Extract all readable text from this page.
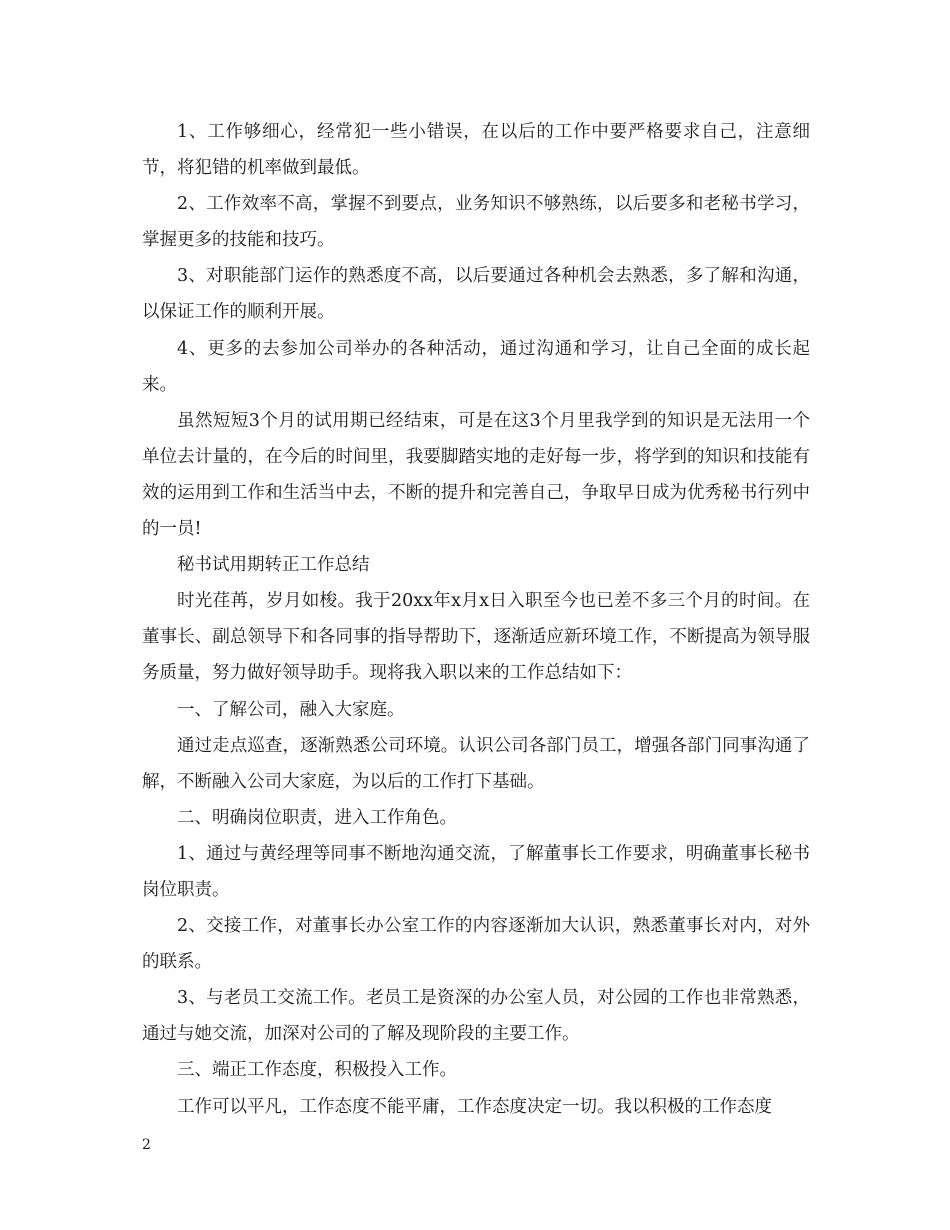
1、工作够细心，经常犯一些小错误，在以后的工作中要严格要求自己，注意细节，将犯错的机率做到最低。

2、工作效率不高，掌握不到要点，业务知识不够熟练，以后要多和老秘书学习，掌握更多的技能和技巧。

3、对职能部门运作的熟悉度不高，以后要通过各种机会去熟悉，多了解和沟通，以保证工作的顺利开展。

4、更多的去参加公司举办的各种活动，通过沟通和学习，让自己全面的成长起来。

虽然短短3个月的试用期已经结束，可是在这3个月里我学到的知识是无法用一个单位去计量的，在今后的时间里，我要脚踏实地的走好每一步，将学到的知识和技能有效的运用到工作和生活当中去，不断的提升和完善自己，争取早日成为优秀秘书行列中的一员!

秘书试用期转正工作总结

时光荏苒，岁月如梭。我于20xx年x月x日入职至今也已差不多三个月的时间。在董事长、副总领导下和各同事的指导帮助下，逐渐适应新环境工作，不断提高为领导服务质量，努力做好领导助手。现将我入职以来的工作总结如下：

一、了解公司，融入大家庭。

通过走点巡查，逐渐熟悉公司环境。认识公司各部门员工，增强各部门同事沟通了解，不断融入公司大家庭，为以后的工作打下基础。

二、明确岗位职责，进入工作角色。

1、通过与黄经理等同事不断地沟通交流，了解董事长工作要求，明确董事长秘书岗位职责。

2、交接工作，对董事长办公室工作的内容逐渐加大认识，熟悉董事长对内，对外的联系。

3、与老员工交流工作。老员工是资深的办公室人员，对公园的工作也非常熟悉，通过与她交流，加深对公司的了解及现阶段的主要工作。

三、端正工作态度，积极投入工作。

工作可以平凡，工作态度不能平庸，工作态度决定一切。我以积极的工作态度

2
